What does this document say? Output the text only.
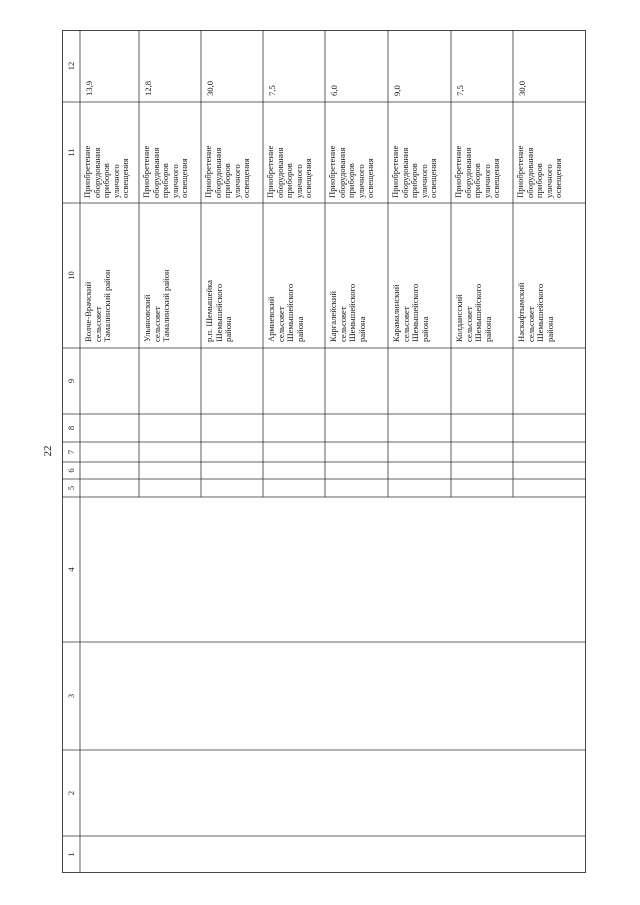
22
1
2
3
4
5
6
7
8
9
10
11
12
Волче-Врачский
сельсовет
Тамалинский район
Приобретение
оборудования
приборов
уличного
освещения
13,9
Ульяновский
сельсовет
Тамалинский район
Приобретение
оборудования
приборов
уличного
освещения
12,8
р.п. Шемышейка
Шемышейского
района
Приобретение
оборудования
приборов
уличного
освещения
30,0
Армиевский
сельсовет
Шемышейского
района
Приобретение
оборудования
приборов
уличного
освещения
7,5
Каргалейский
сельсовет
Шемышейского
района
Приобретение
оборудования
приборов
уличного
освещения
6,0
Карамалинский
сельсовет
Шемышейского
района
Приобретение
оборудования
приборов
уличного
освещения
9,0
Колдаисский
сельсовет
Шемышейского
района
Приобретение
оборудования
приборов
уличного
освещения
7,5
Наскафтымский
сельсовет
Шемышейского
района
Приобретение
оборудования
приборов
уличного
освещения
30,0
